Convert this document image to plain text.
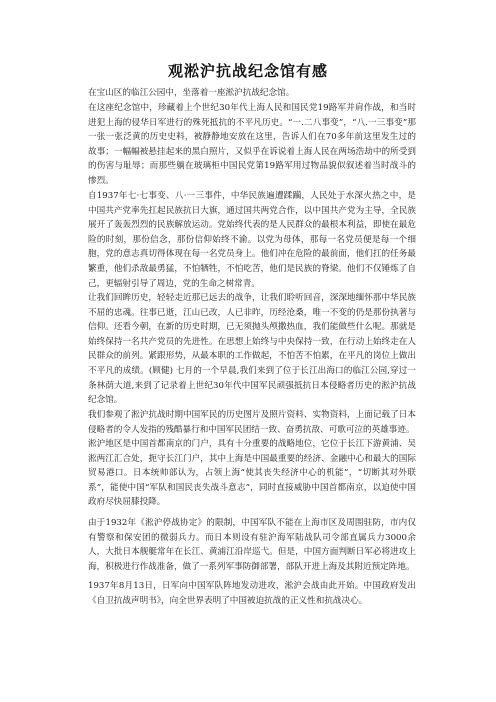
观淞沪抗战纪念馆有感

在宝山区的临江公园中，坐落着一座淞沪抗战纪念馆。

在这座纪念馆中，珍藏着上个世纪30年代上海人民和国民党19路军并肩作战，和当时进犯上海的侵华日军进行的殊死抵抗的不平凡历史。“一.二八事变”，“八.一三事变”那一张一张泛黄的历史史料，被静静地安放在这里，告诉人们在70多年前这里发生过的故事；一幅幅被悬挂起来的黑白照片，又似乎在诉说着上海人民在两场浩劫中的所受到的伤害与耻辱；而那些躺在玻璃柜中国民党第19路军用过物品貌似叙述着当时战斗的惨烈。

自1937年七·七事变、八·一三事件，中华民族遍遭蹂躏，人民处于水深火热之中，是中国共产党率先扛起民族抗日大旗，通过国共两党合作，以中国共产党为主导，全民族展开了轰轰烈烈的民族解放运动。党始终代表的是人民群众的最根本利益，即使在最危险的时刻，那份信念，那份信仰始终不渝。以党为母体，那每一名党员便是每一个细胞，党的意志真切得体现在每一名党员身上。他们冲在危险的最前面，他们扛的任务最繁重，他们杀敌最勇猛，不怕牺牲，不怕吃苦，他们是民族的脊梁。他们不仅锤炼了自己，更辐射引导了周边，党的生命之树常青。

让我们回眸历史，轻轻走近那已远去的战争，让我们聆听回音，深深地缅怀那中华民族不屈的忠魂。往事已逝，江山已改，人已非昨，历经沧桑，唯一不变的仍是那份执著与信仰。还看今朝，在新的历史时期，已无须抛头颅撒热血，我们能做些什么呢。那就是始终保持一名共产党员的先进性。在思想上始终与中央保持一致，在行动上始终走在人民群众的前列。紧跟形势，从最本职的工作做起，不怕苦不怕累，在平凡的岗位上做出不平凡的成绩。(顾健) 七月的一个早晨,我们来到了位于长江出海口的临江公园,穿过一条林荫大道,来到了记录着上世纪30年代中国军民顽强抵抗日本侵略者历史的淞沪抗战纪念馆。

我们参观了淞沪抗战时期中国军民的历史图片及照片资料、实物资料，上面记载了日本侵略者的令人发指的残酷暴行和中国军民团结一致、奋勇抗敌、可歌可泣的英雄事迹。

淞沪地区是中国首都南京的门户，具有十分重要的战略地位，它位于长江下游黄浦、吴淞两江汇合处，扼守长江门户，其中上海是中国最重要的经济、金融中心和最大的国际贸易港口。日本统帅部认为，占领上海“使其丧失经济中心的机能”，“切断其对外联系”，能使中国“军队和国民丧失战斗意志”，同时直接威胁中国首都南京，以迫使中国政府尽快屈膝投降。

由于1932年《淞沪停战协定》的限制，中国军队不能在上海市区及周围驻防，市内仅有警察和保安团的微弱兵力。而日本则设有驻沪海军陆战队司令部直属兵力3000余人，大批日本舰艇常年在长江、黄浦江沿岸巡弋。但是，中国方面判断日军必将进攻上海，积极进行作战准备，做了一系列军事防御部署，部队开进上海及其附近预定阵地。

1937年8月13日，日军向中国军队阵地发动进攻，淞沪会战由此开始。中国政府发出《自卫抗战声明书》，向全世界表明了中国被迫抗战的正义性和抗战决心。
